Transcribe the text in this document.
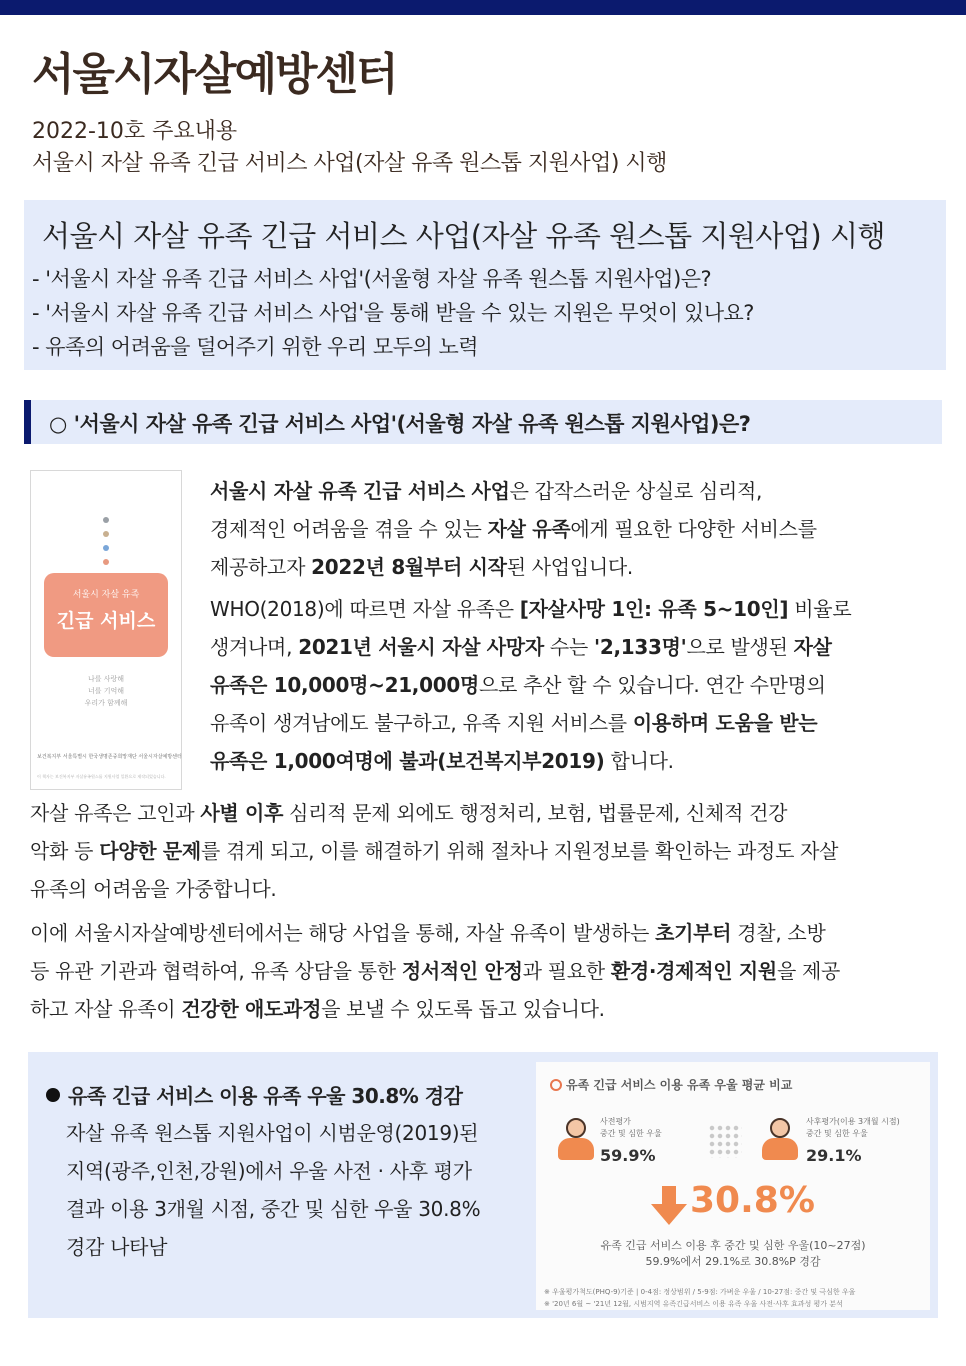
서울시자살예방센터
2022-10호 주요내용
서울시 자살 유족 긴급 서비스 사업(자살 유족 원스톱 지원사업) 시행
서울시 자살 유족 긴급 서비스 사업(자살 유족 원스톱 지원사업) 시행
- '서울시 자살 유족 긴급 서비스 사업'(서울형 자살 유족 원스톱 지원사업)은?
- '서울시 자살 유족 긴급 서비스 사업'을 통해 받을 수 있는 지원은 무엇이 있나요?
- 유족의 어려움을 덜어주기 위한 우리 모두의 노력
○ '서울시 자살 유족 긴급 서비스 사업'(서울형 자살 유족 원스톱 지원사업)은?
서울시 자살 유족
긴급 서비스
나를 사랑해
너를 기억해
우리가 함께해
보건복지부 서울특별시 한국생명존중희망재단 서울시자살예방센터
이 책자는 보건복지부 자살유족원스톱 지원사업 일환으로 제작되었습니다.
서울시 자살 유족 긴급 서비스 사업은 갑작스러운 상실로 심리적,
경제적인 어려움을 겪을 수 있는 자살 유족에게 필요한 다양한 서비스를
제공하고자 2022년 8월부터 시작된 사업입니다.
WHO(2018)에 따르면 자살 유족은 [자살사망 1인: 유족 5~10인] 비율로
생겨나며, 2021년 서울시 자살 사망자 수는 '2,133명'으로 발생된 자살
유족은 10,000명~21,000명으로 추산 할 수 있습니다. 연간 수만명의
유족이 생겨남에도 불구하고, 유족 지원 서비스를 이용하며 도움을 받는
유족은 1,000여명에 불과(보건복지부2019) 합니다.
자살 유족은 고인과 사별 이후 심리적 문제 외에도 행정처리, 보험, 법률문제, 신체적 건강
악화 등 다양한 문제를 겪게 되고, 이를 해결하기 위해 절차나 지원정보를 확인하는 과정도 자살
유족의 어려움을 가중합니다.
이에 서울시자살예방센터에서는 해당 사업을 통해, 자살 유족이 발생하는 초기부터 경찰, 소방
등 유관 기관과 협력하여, 유족 상담을 통한 정서적인 안정과 필요한 환경·경제적인 지원을 제공
하고 자살 유족이 건강한 애도과정을 보낼 수 있도록 돕고 있습니다.
유족 긴급 서비스 이용 유족 우울 30.8% 경감
자살 유족 원스톱 지원사업이 시범운영(2019)된
지역(광주,인천,강원)에서 우울 사전 · 사후 평가
결과 이용 3개월 시점, 중간 및 심한 우울 30.8%
경감 나타남
유족 긴급 서비스 이용 유족 우울 평균 비교
사전평가
중간 및 심한 우울
59.9%
사후평가(이용 3개월 시점)
중간 및 심한 우울
29.1%
30.8%
유족 긴급 서비스 이용 후 중간 및 심한 우울(10~27점)
59.9%에서 29.1%로 30.8%P 경감
※ 우울평가척도(PHQ-9)기준 | 0-4점: 정상범위 / 5-9점: 가벼운 우울 / 10-27점: 중간 및 극심한 우울
※ '20년 6월 ~ '21년 12월, 시범지역 유족긴급서비스 이용 유족 우울 사전·사후 효과성 평가 분석
